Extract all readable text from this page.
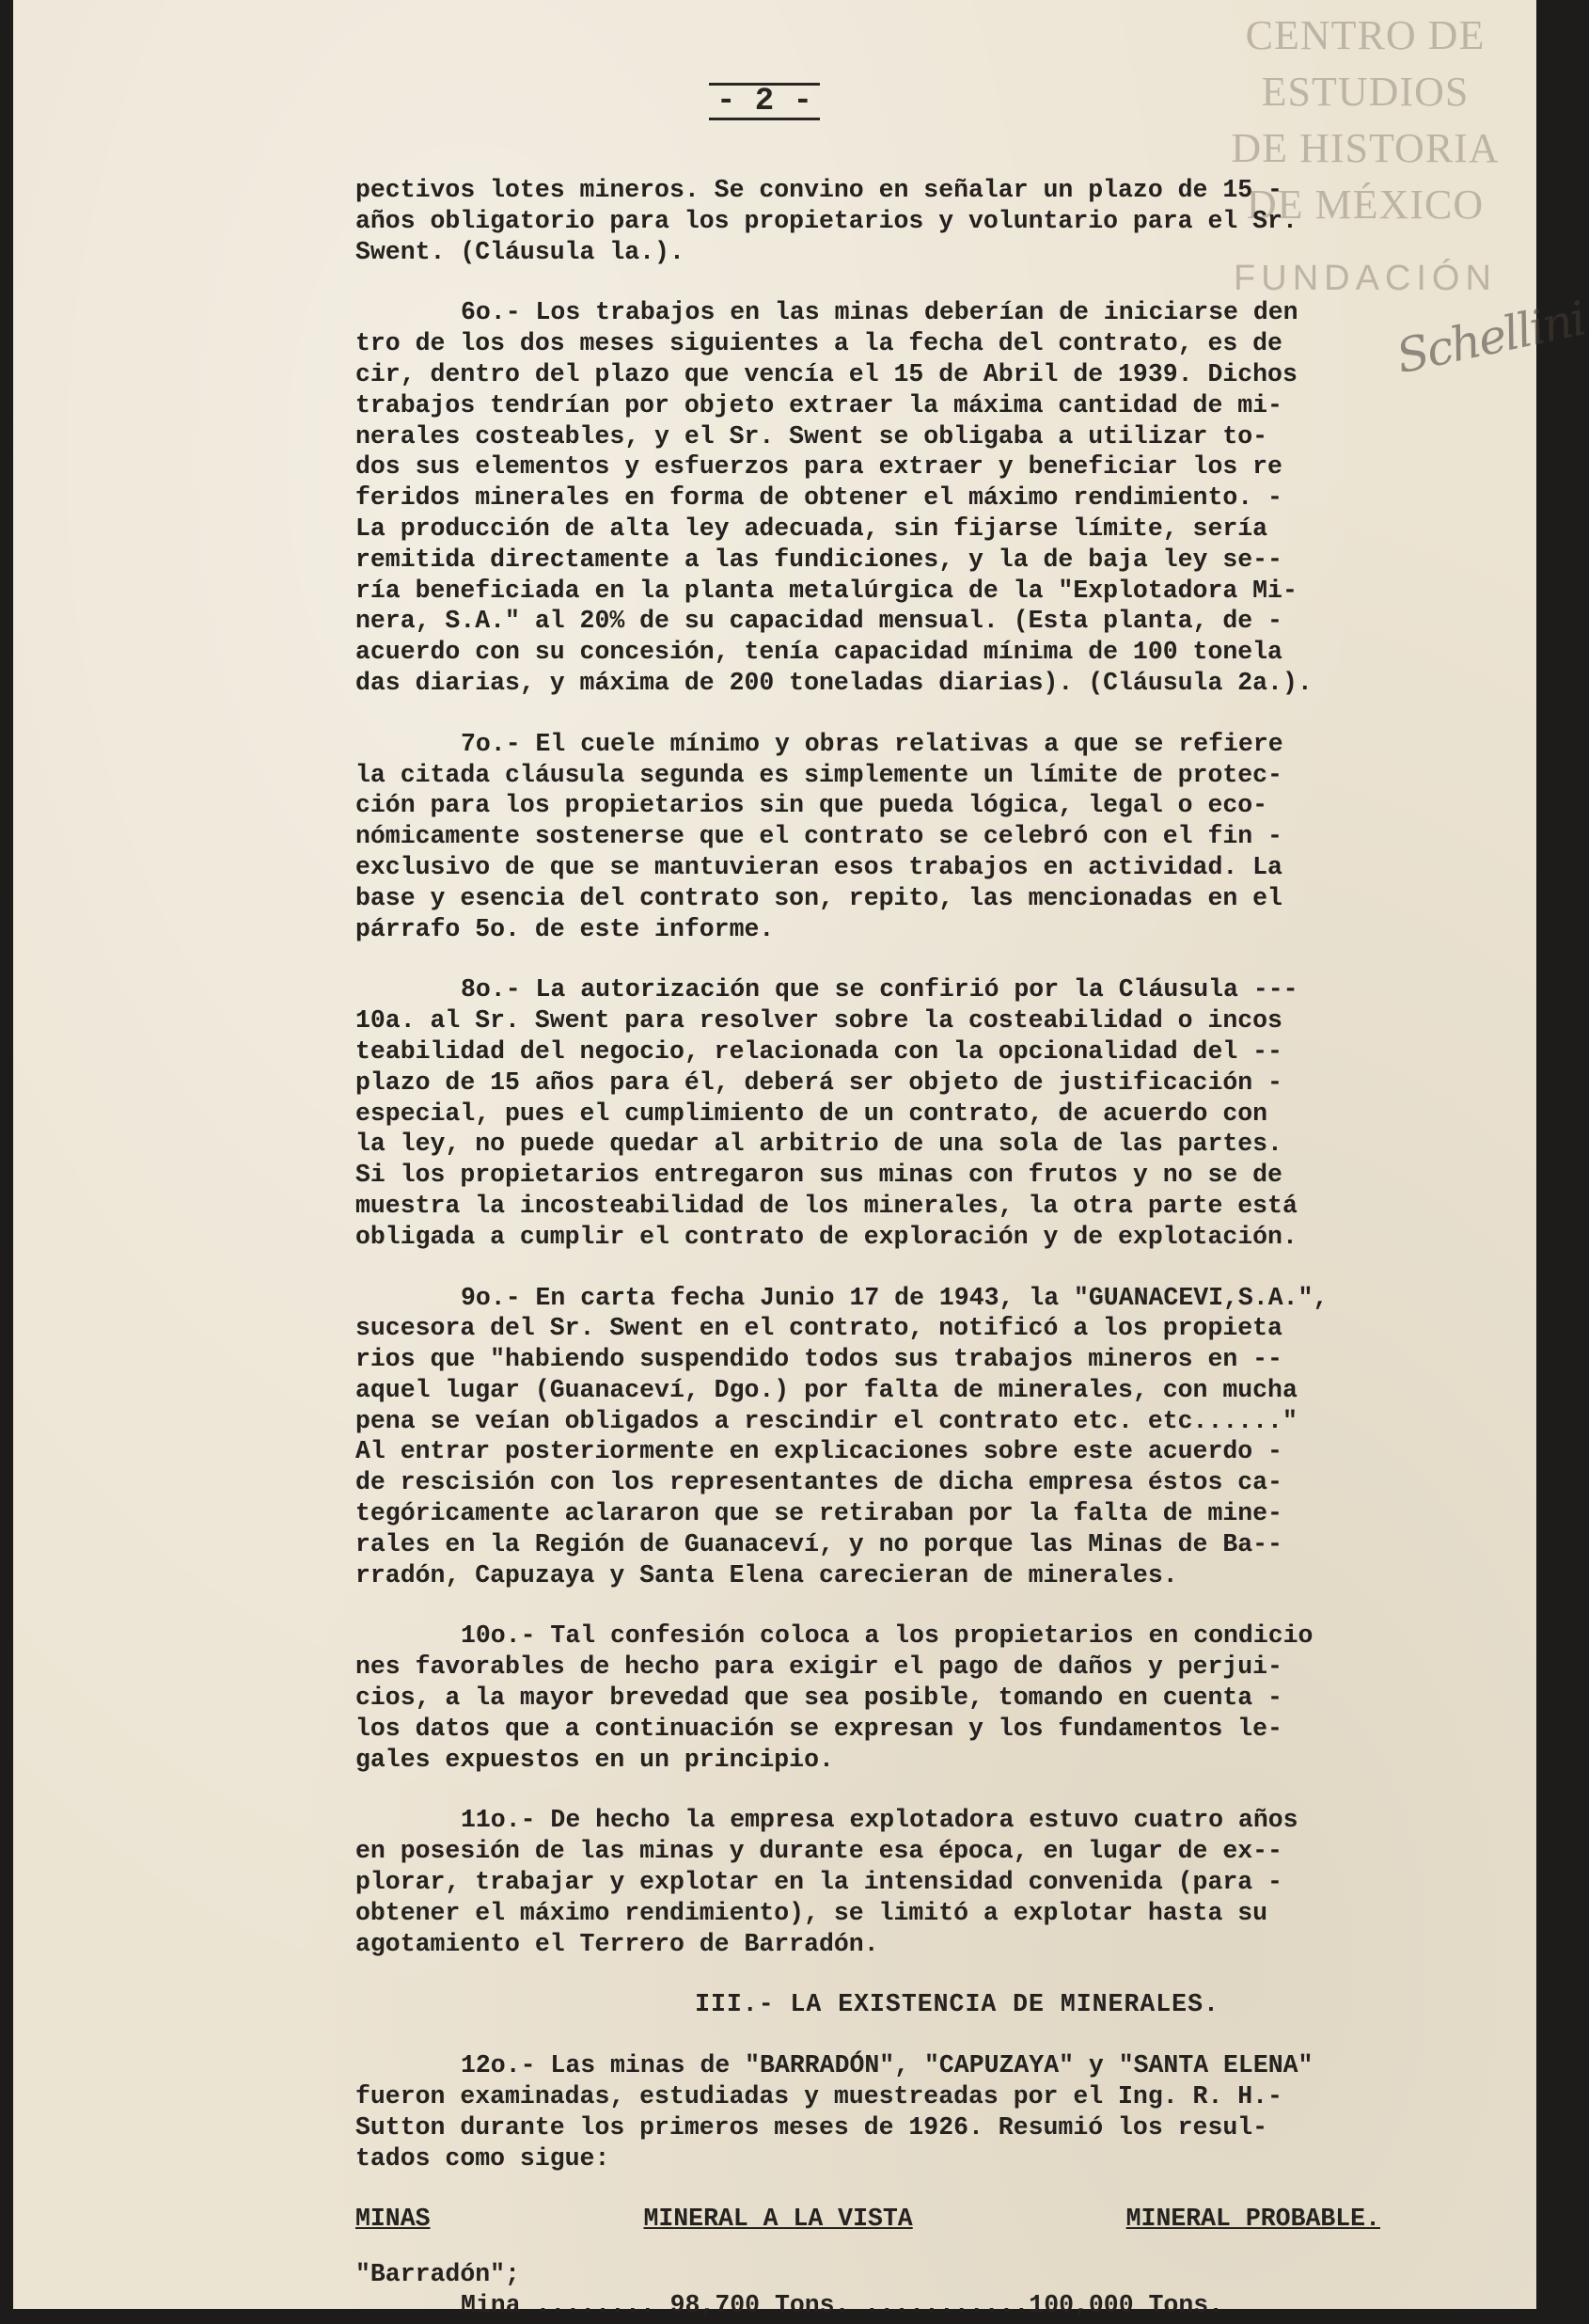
CENTRO DE
ESTUDIOS
DE HISTORIA
DE MÉXICO
FUNDACIÓN
Schellini
- 2 -
pectivos lotes mineros. Se convino en señalar un plazo de 15 -
años obligatorio para los propietarios y voluntario para el Sr.
Swent. (Cláusula la.).
6o.- Los trabajos en las minas deberían de iniciarse den
tro de los dos meses siguientes a la fecha del contrato, es de
cir, dentro del plazo que vencía el 15 de Abril de 1939. Dichos
trabajos tendrían por objeto extraer la máxima cantidad de mi-
nerales costeables, y el Sr. Swent se obligaba a utilizar to-
dos sus elementos y esfuerzos para extraer y beneficiar los re
feridos minerales en forma de obtener el máximo rendimiento. -
La producción de alta ley adecuada, sin fijarse límite, sería
remitida directamente a las fundiciones, y la de baja ley se--
ría beneficiada en la planta metalúrgica de la "Explotadora Mi-
nera, S.A." al 20% de su capacidad mensual. (Esta planta, de -
acuerdo con su concesión, tenía capacidad mínima de 100 tonela
das diarias, y máxima de 200 toneladas diarias). (Cláusula 2a.).
7o.- El cuele mínimo y obras relativas a que se refiere
la citada cláusula segunda es simplemente un límite de protec-
ción para los propietarios sin que pueda lógica, legal o eco-
nómicamente sostenerse que el contrato se celebró con el fin -
exclusivo de que se mantuvieran esos trabajos en actividad. La
base y esencia del contrato son, repito, las mencionadas en el
párrafo 5o. de este informe.
8o.- La autorización que se confirió por la Cláusula ---
10a. al Sr. Swent para resolver sobre la costeabilidad o incos
teabilidad del negocio, relacionada con la opcionalidad del --
plazo de 15 años para él, deberá ser objeto de justificación -
especial, pues el cumplimiento de un contrato, de acuerdo con
la ley, no puede quedar al arbitrio de una sola de las partes.
Si los propietarios entregaron sus minas con frutos y no se de
muestra la incosteabilidad de los minerales, la otra parte está
obligada a cumplir el contrato de exploración y de explotación.
9o.- En carta fecha Junio 17 de 1943, la "GUANACEVI,S.A.",
sucesora del Sr. Swent en el contrato, notificó a los propieta
rios que "habiendo suspendido todos sus trabajos mineros en --
aquel lugar (Guanaceví, Dgo.) por falta de minerales, con mucha
pena se veían obligados a rescindir el contrato etc. etc......"
Al entrar posteriormente en explicaciones sobre este acuerdo -
de rescisión con los representantes de dicha empresa éstos ca-
tegóricamente aclararon que se retiraban por la falta de mine-
rales en la Región de Guanaceví, y no porque las Minas de Ba--
rradón, Capuzaya y Santa Elena carecieran de minerales.
10o.- Tal confesión coloca a los propietarios en condicio
nes favorables de hecho para exigir el pago de daños y perjui-
cios, a la mayor brevedad que sea posible, tomando en cuenta -
los datos que a continuación se expresan y los fundamentos le-
gales expuestos en un principio.
11o.- De hecho la empresa explotadora estuvo cuatro años
en posesión de las minas y durante esa época, en lugar de ex--
plorar, trabajar y explotar en la intensidad convenida (para -
obtener el máximo rendimiento), se limitó a explotar hasta su
agotamiento el Terrero de Barradón.
III.- LA EXISTENCIA DE MINERALES.
12o.- Las minas de "BARRADÓN", "CAPUZAYA" y "SANTA ELENA"
fueron examinadas, estudiadas y muestreadas por el Ing. R. H.-
Sutton durante los primeros meses de 1926. Resumió los resul-
tados como sigue:
MINAS	MINERAL A LA VISTA	MINERAL PROBABLE.
"Barradón";
Mina ........ 98,700 Tons. ...........100,000 Tons.
